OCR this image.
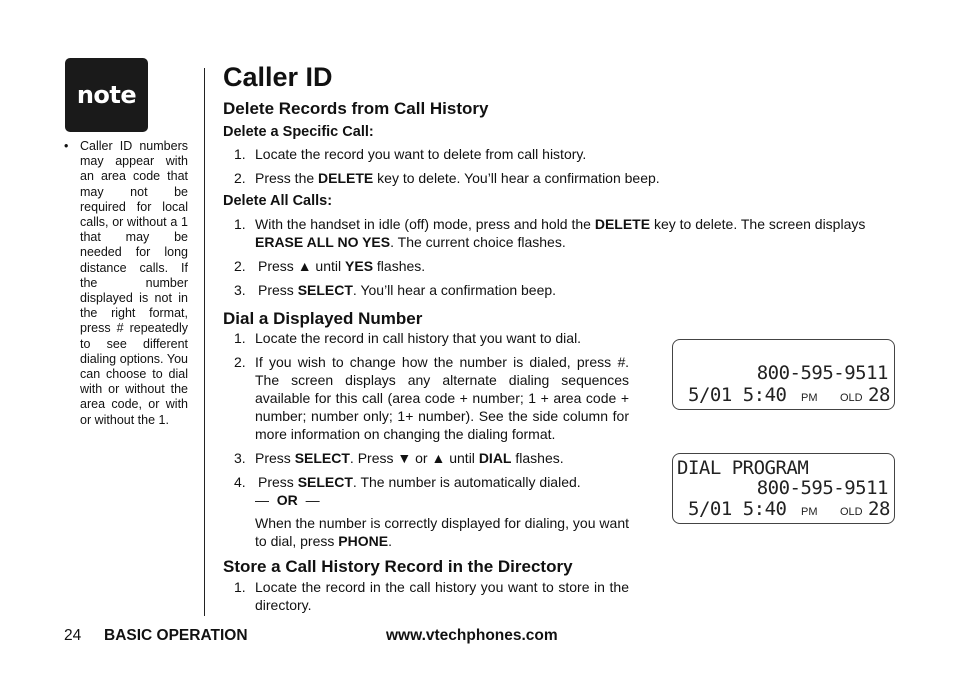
note
• Caller ID numbers may appear with an area code that may not be required for local calls, or without a 1 that may be needed for long distance calls. If the number displayed is not in the right format, press # repeatedly to see different dialing options. You can choose to dial with or without the area code, or with or without the 1.
Caller ID
Delete Records from Call History
Delete a Specific Call:
1. Locate the record you want to delete from call history.
2. Press the DELETE key to delete. You’ll hear a confirmation beep.
Delete All Calls:
1. With the handset in idle (off) mode, press and hold the DELETE key to delete. The screen displays ERASE ALL NO YES. The current choice flashes.
2. Press ▲ until YES flashes.
3. Press SELECT. You’ll hear a confirmation beep.
Dial a Displayed Number
1. Locate the record in call history that you want to dial.
2. If you wish to change how the number is dialed, press #. The screen displays any alternate dialing sequences available for this call (area code + number; 1 + area code + number; number only; 1+ number). See the side column for more information on changing the dialing format.
3. Press SELECT. Press ▼ or ▲ until DIAL flashes.
4. Press SELECT. The number is automatically dialed.
— OR —
When the number is correctly displayed for dialing, you want to dial, press PHONE.
Store a Call History Record in the Directory
1. Locate the record in the call history you want to store in the directory.
800-595-9511
5/01 5:40 PM OLD 28
DIAL PROGRAM
800-595-9511
5/01 5:40 PM OLD 28
24 BASIC OPERATION	www.vtechphones.com
